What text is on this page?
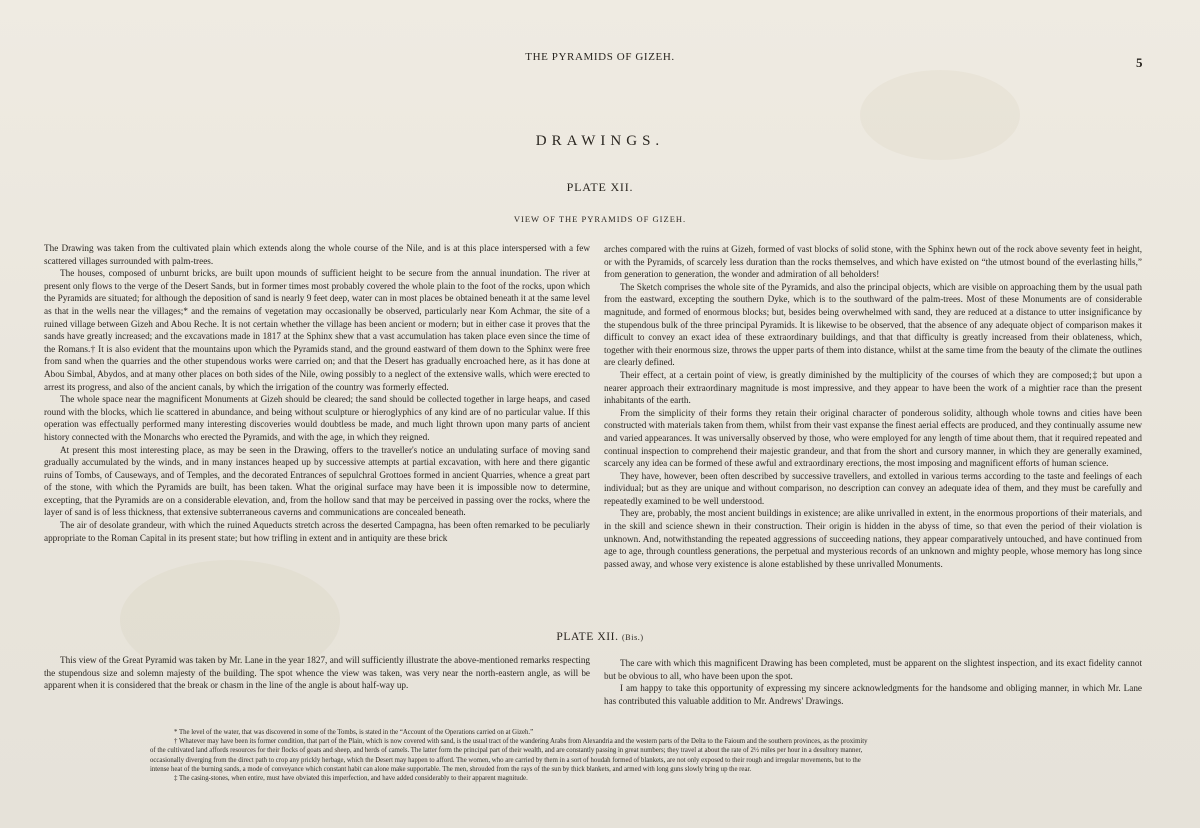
THE PYRAMIDS OF GIZEH.	5
DRAWINGS.
PLATE XII.
VIEW OF THE PYRAMIDS OF GIZEH.

The Drawing was taken from the cultivated plain which extends along the whole course of the Nile, and is at this place interspersed with a few scattered villages surrounded with palm-trees.

The houses, composed of unburnt bricks, are built upon mounds of sufficient height to be secure from the annual inundation. The river at present only flows to the verge of the Desert Sands, but in former times most probably covered the whole plain to the foot of the rocks, upon which the Pyramids are situated; for although the deposition of sand is nearly 9 feet deep, water can in most places be obtained beneath it at the same level as that in the wells near the villages;* and the remains of vegetation may occasionally be observed, particularly near Kom Achmar, the site of a ruined village between Gizeh and Abou Reche. It is not certain whether the village has been ancient or modern; but in either case it proves that the sands have greatly increased; and the excavations made in 1817 at the Sphinx shew that a vast accumulation has taken place even since the time of the Romans.† It is also evident that the mountains upon which the Pyramids stand, and the ground eastward of them down to the Sphinx were free from sand when the quarries and the other stupendous works were carried on; and that the Desert has gradually encroached here, as it has done at Abou Simbal, Abydos, and at many other places on both sides of the Nile, owing possibly to a neglect of the extensive walls, which were erected to arrest its progress, and also of the ancient canals, by which the irrigation of the country was formerly effected.

The whole space near the magnificent Monuments at Gizeh should be cleared; the sand should be collected together in large heaps, and cased round with the blocks, which lie scattered in abundance, and being without sculpture or hieroglyphics of any kind are of no particular value. If this operation was effectually performed many interesting discoveries would doubtless be made, and much light thrown upon many parts of ancient history connected with the Monarchs who erected the Pyramids, and with the age, in which they reigned.

At present this most interesting place, as may be seen in the Drawing, offers to the traveller's notice an undulating surface of moving sand gradually accumulated by the winds, and in many instances heaped up by successive attempts at partial excavation, with here and there gigantic ruins of Tombs, of Causeways, and of Temples, and the decorated Entrances of sepulchral Grottoes formed in ancient Quarries, whence a great part of the stone, with which the Pyramids are built, has been taken. What the original surface may have been it is impossible now to determine, excepting, that the Pyramids are on a considerable elevation, and, from the hollow sand that may be perceived in passing over the rocks, where the layer of sand is of less thickness, that extensive subterraneous caverns and communications are concealed beneath.

The air of desolate grandeur, with which the ruined Aqueducts stretch across the deserted Campagna, has been often remarked to be peculiarly appropriate to the Roman Capital in its present state; but how trifling in extent and in antiquity are these brick

arches compared with the ruins at Gizeh, formed of vast blocks of solid stone, with the Sphinx hewn out of the rock above seventy feet in height, or with the Pyramids, of scarcely less duration than the rocks themselves, and which have existed on “the utmost bound of the everlasting hills,” from generation to generation, the wonder and admiration of all beholders!

The Sketch comprises the whole site of the Pyramids, and also the principal objects, which are visible on approaching them by the usual path from the eastward, excepting the southern Dyke, which is to the southward of the palm-trees. Most of these Monuments are of considerable magnitude, and formed of enormous blocks; but, besides being overwhelmed with sand, they are reduced at a distance to utter insignificance by the stupendous bulk of the three principal Pyramids. It is likewise to be observed, that the absence of any adequate object of comparison makes it difficult to convey an exact idea of these extraordinary buildings, and that that difficulty is greatly increased from their oblateness, which, together with their enormous size, throws the upper parts of them into distance, whilst at the same time from the beauty of the climate the outlines are clearly defined.

Their effect, at a certain point of view, is greatly diminished by the multiplicity of the courses of which they are composed;‡ but upon a nearer approach their extraordinary magnitude is most impressive, and they appear to have been the work of a mightier race than the present inhabitants of the earth.

From the simplicity of their forms they retain their original character of ponderous solidity, although whole towns and cities have been constructed with materials taken from them, whilst from their vast expanse the finest aerial effects are produced, and they continually assume new and varied appearances. It was universally observed by those, who were employed for any length of time about them, that it required repeated and continual inspection to comprehend their majestic grandeur, and that from the short and cursory manner, in which they are generally examined, scarcely any idea can be formed of these awful and extraordinary erections, the most imposing and magnificent efforts of human science.

They have, however, been often described by successive travellers, and extolled in various terms according to the taste and feelings of each individual; but as they are unique and without comparison, no description can convey an adequate idea of them, and they must be carefully and repeatedly examined to be well understood.

They are, probably, the most ancient buildings in existence; are alike unrivalled in extent, in the enormous proportions of their materials, and in the skill and science shewn in their construction. Their origin is hidden in the abyss of time, so that even the period of their violation is unknown. And, notwithstanding the repeated aggressions of succeeding nations, they appear comparatively untouched, and have continued from age to age, through countless generations, the perpetual and mysterious records of an unknown and mighty people, whose memory has long since passed away, and whose very existence is alone established by these unrivalled Monuments.

PLATE XII. (Bis.)

This view of the Great Pyramid was taken by Mr. Lane in the year 1827, and will sufficiently illustrate the above-mentioned remarks respecting the stupendous size and solemn majesty of the building. The spot whence the view was taken, was very near the north-eastern angle, as will be apparent when it is considered that the break or chasm in the line of the angle is about half-way up.

The care with which this magnificent Drawing has been completed, must be apparent on the slightest inspection, and its exact fidelity cannot but be obvious to all, who have been upon the spot.

I am happy to take this opportunity of expressing my sincere acknowledgments for the handsome and obliging manner, in which Mr. Lane has contributed this valuable addition to Mr. Andrews' Drawings.

* The level of the water, that was discovered in some of the Tombs, is stated in the “Account of the Operations carried on at Gizeh.”

† Whatever may have been its former condition, that part of the Plain, which is now covered with sand, is the usual tract of the wandering Arabs from Alexandria and the western parts of the Delta to the Faioum and the southern provinces, as the proximity

of the cultivated land affords resources for their flocks of goats and sheep, and herds of camels. The latter form the principal part of their wealth, and are constantly passing in great numbers; they travel at about the rate of 2½ miles per hour in a desultory manner,

occasionally diverging from the direct path to crop any prickly herbage, which the Desert may happen to afford. The women, who are carried by them in a sort of houdah formed of blankets, are not only exposed to their rough and irregular movements, but to the

intense heat of the burning sands, a mode of conveyance which constant habit can alone make supportable. The men, shrouded from the rays of the sun by thick blankets, and armed with long guns slowly bring up the rear.

‡ The casing-stones, when entire, must have obviated this imperfection, and have added considerably to their apparent magnitude.
